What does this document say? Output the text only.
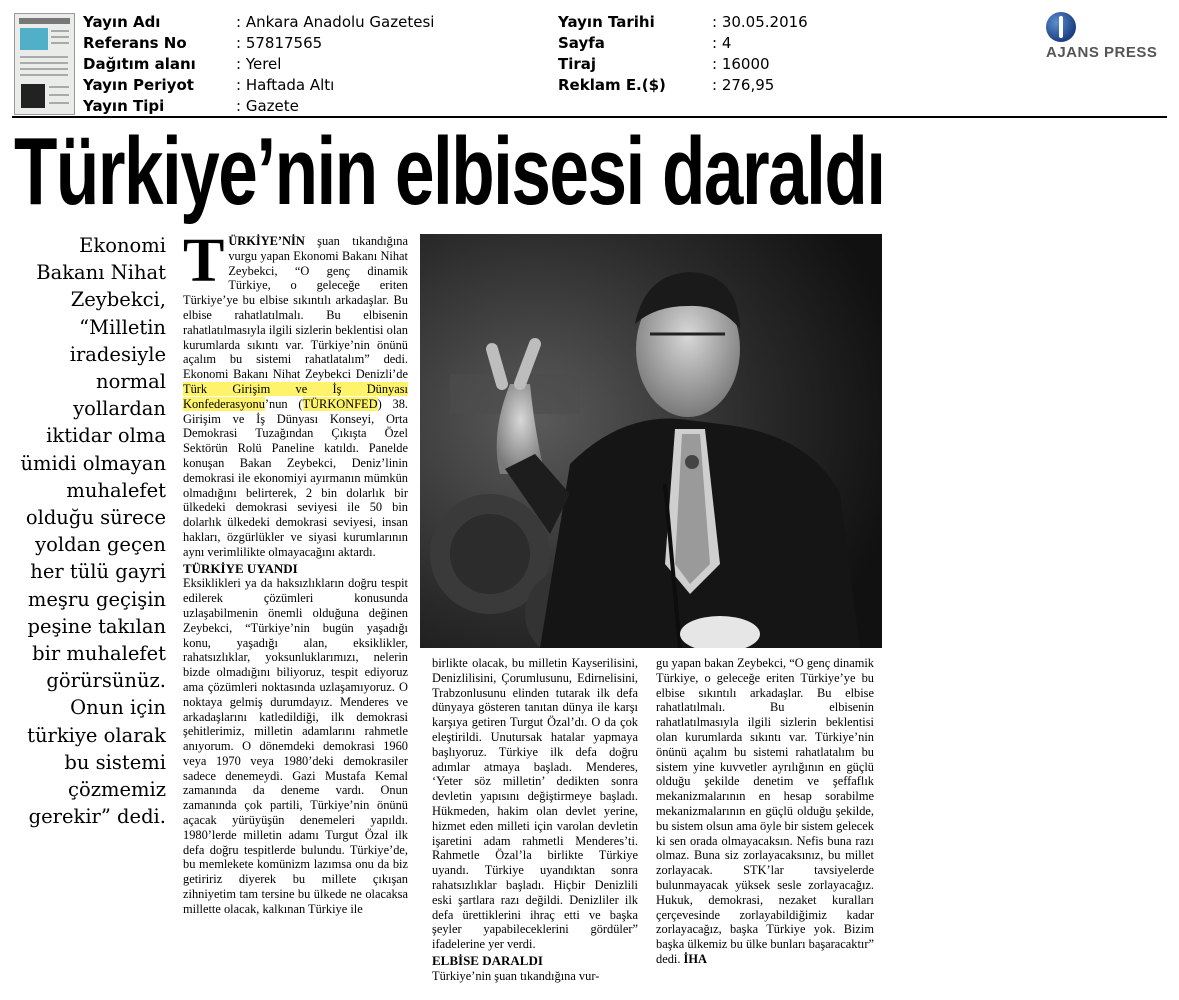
Yayın Adı	: Ankara Anadolu Gazetesi
Referans No	: 57817565
Dağıtım alanı	: Yerel
Yayın Periyot	: Haftada Altı
Yayın Tipi	: Gazete
Yayın Tarihi	: 30.05.2016
Sayfa	: 4
Tiraj	: 16000
Reklam E.($)	: 276,95
AJANS PRESS
Türkiye’nin elbisesi daraldı
Ekonomi Bakanı Nihat Zeybekci, “Milletin iradesiyle normal yollardan iktidar olma ümidi olmayan muhalefet olduğu sürece yoldan geçen her tülü gayri meşru geçişin peşine takılan bir muhalefet görürsünüz. Onun için türkiye olarak bu sistemi çözmemiz gerekir” dedi.

TÜRKİYE’NİN şuan tıkandığına vurgu yapan Ekonomi Bakanı Nihat Zeybekci, “O genç dinamik Türkiye, o geleceğe eriten Türkiye’ye bu elbise sıkıntılı arkadaşlar. Bu elbise rahatlatılmalı. Bu elbisenin rahatlatılmasıyla ilgili sizlerin beklentisi olan kurumlarda sıkıntı var. Türkiye’nin önünü açalım bu sistemi rahatlatalım” dedi. Ekonomi Bakanı Nihat Zeybekci Denizli’de Türk Girişim ve İş Dünyası Konfederasyonu’nun (TÜRKONFED) 38. Girişim ve İş Dünyası Konseyi, Orta Demokrasi Tuzağından Çıkışta Özel Sektörün Rolü Paneline katıldı. Panelde konuşan Bakan Zeybekci, Deniz’linin demokrasi ile ekonomiyi ayırmanın mümkün olmadığını belirterek, 2 bin dolarlık bir ülkedeki demokrasi seviyesi ile 50 bin dolarlık ülkedeki demokrasi seviyesi, insan hakları, özgürlükler ve siyasi kurumlarının aynı verimlilikte olmayacağını aktardı.

TÜRKİYE UYANDI

Eksiklikleri ya da haksızlıkların doğru tespit edilerek çözümleri konusunda uzlaşabilmenin önemli olduğuna değinen Zeybekci, “Türkiye’nin bugün yaşadığı konu, yaşadığı alan, eksiklikler, rahatsızlıklar, yoksunluklarımızı, nelerin bizde olmadığını biliyoruz, tespit ediyoruz ama çözümleri noktasında uzlaşamıyoruz. O noktaya gelmiş durumdayız. Menderes ve arkadaşlarını katledildiği, ilk demokrasi şehitlerimiz, milletin adamlarını rahmetle anıyorum. O dönemdeki demokrasi 1960 veya 1970 veya 1980’deki demokrasiler sadece denemeydi. Gazi Mustafa Kemal zamanında da deneme vardı. Onun zamanında çok partili, Türkiye’nin önünü açacak yürüyüşün denemeleri yapıldı. 1980’lerde milletin adamı Turgut Özal ilk defa doğru tespitlerde bulundu. Türkiye’de, bu memlekete komünizm lazımsa onu da biz getiririz diyerek bu millete çıkışan zihniyetim tam tersine bu ülkede ne olacaksa millette olacak, kalkınan Türkiye ile

birlikte olacak, bu milletin Kayserilisini, Denizlilisini, Çorumlusunu, Edirnelisini, Trabzonlusunu elinden tutarak ilk defa dünyaya gösteren tanıtan dünya ile karşı karşıya getiren Turgut Özal’dı. O da çok eleştirildi. Unutursak hatalar yapmaya başlıyoruz. Türkiye ilk defa doğru adımlar atmaya başladı. Menderes, ‘Yeter söz milletin’ dedikten sonra devletin yapısını değiştirmeye başladı. Hükmeden, hakim olan devlet yerine, hizmet eden milleti için varolan devletin işaretini adam rahmetli Menderes’ti. Rahmetle Özal’la birlikte Türkiye uyandı. Türkiye uyandıktan sonra rahatsızlıklar başladı. Hiçbir Denizlili eski şartlara razı değildi. Denizliler ilk defa ürettiklerini ihraç etti ve başka şeyler yapabileceklerini gördüler” ifadelerine yer verdi.

ELBİSE DARALDI

Türkiye’nin şuan tıkandığına vur-

gu yapan bakan Zeybekci, “O genç dinamik Türkiye, o geleceğe eriten Türkiye’ye bu elbise sıkıntılı arkadaşlar. Bu elbise rahatlatılmalı. Bu elbisenin rahatlatılmasıyla ilgili sizlerin beklentisi olan kurumlarda sıkıntı var. Türkiye’nin önünü açalım bu sistemi rahatlatalım bu sistem yine kuvvetler ayrılığının en güçlü olduğu şekilde denetim ve şeffaflık mekanizmalarının en hesap sorabilme mekanizmalarının en güçlü olduğu şekilde, bu sistem olsun ama öyle bir sistem gelecek ki sen orada olmayacaksın. Nefis buna razı olmaz. Buna siz zorlayacaksınız, bu millet zorlayacak. STK’lar tavsiyelerde bulunmayacak yüksek sesle zorlayacağız. Hukuk, demokrasi, nezaket kuralları çerçevesinde zorlayabildiğimiz kadar zorlayacağız, başka Türkiye yok. Bizim başka ülkemiz bu ülke bunları başaracaktır” dedi. İHA
